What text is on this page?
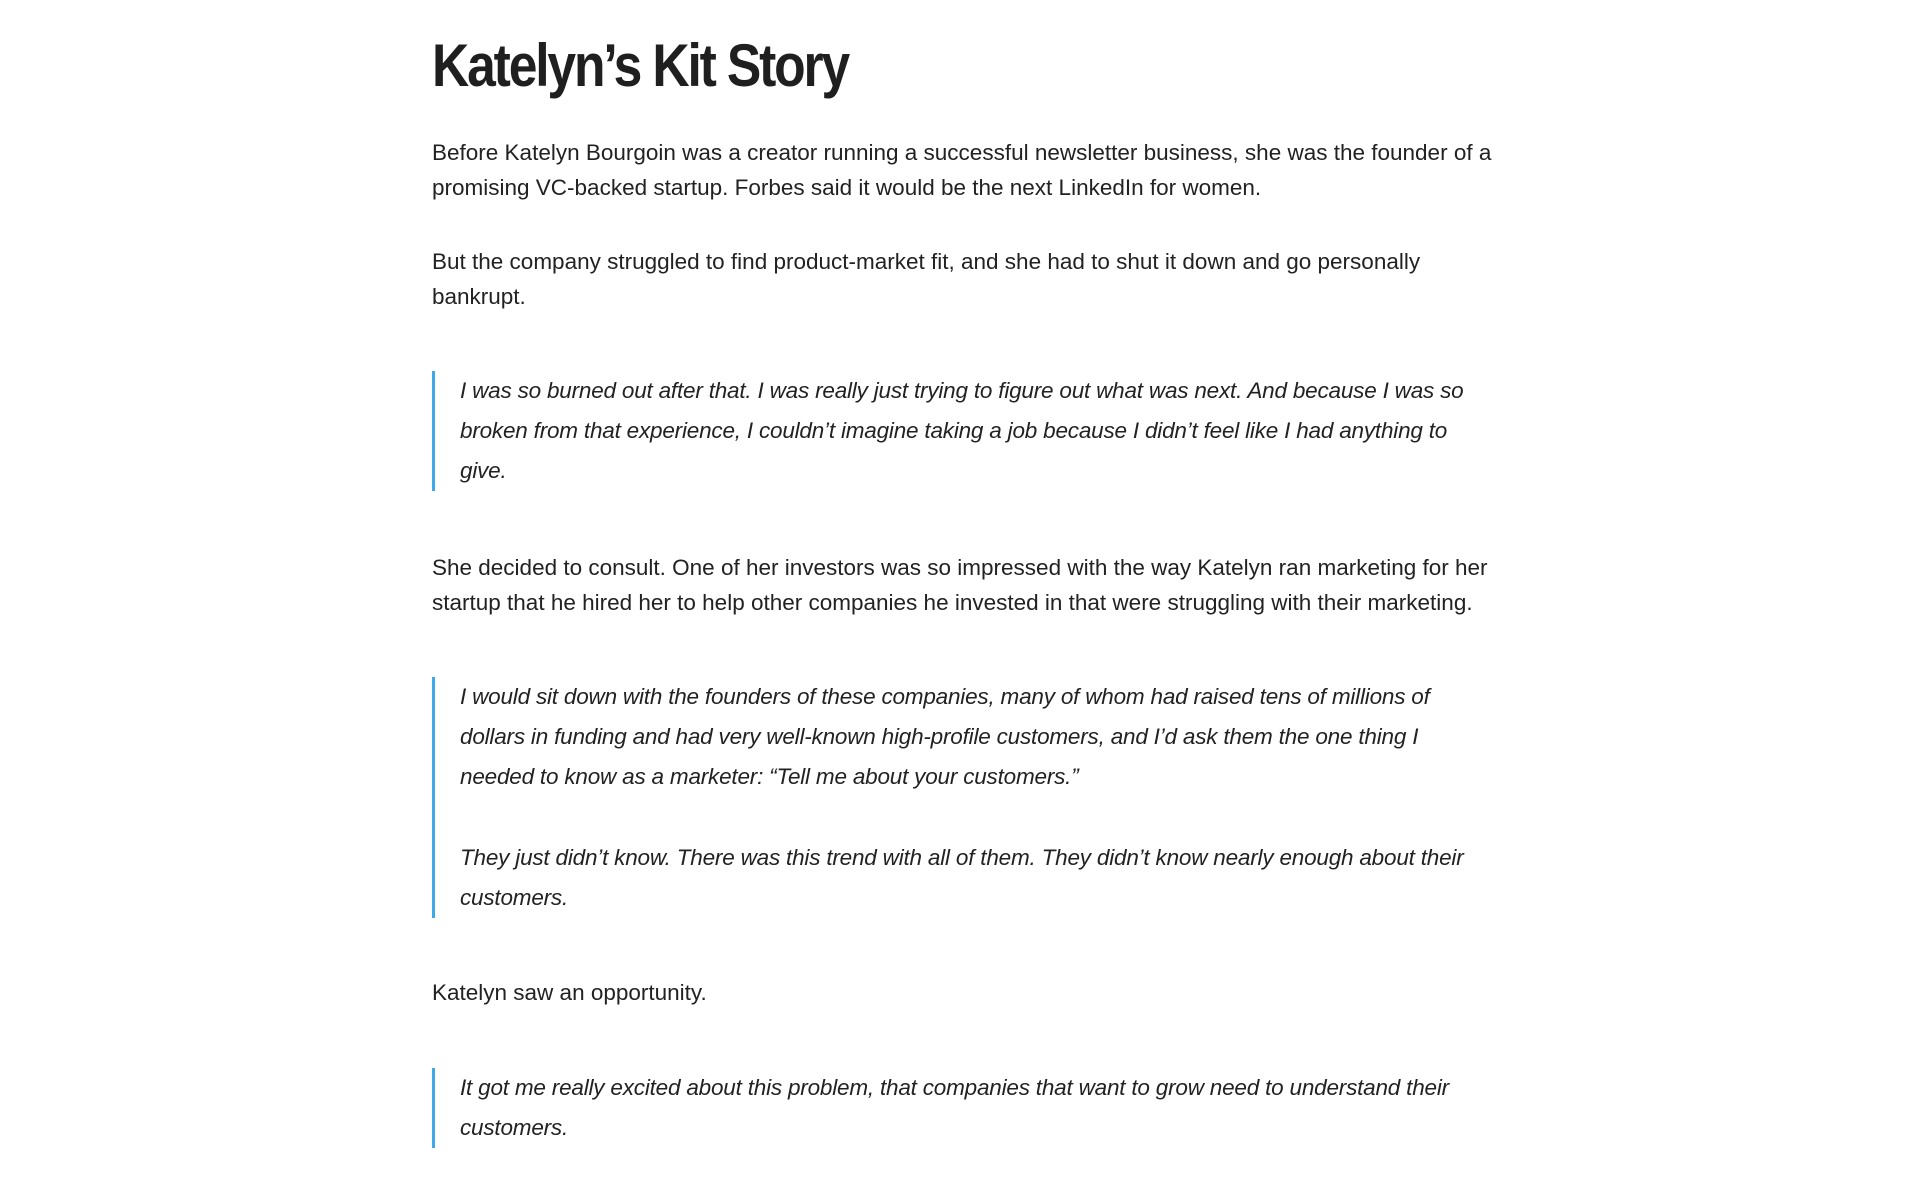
Katelyn’s Kit Story

Before Katelyn Bourgoin was a creator running a successful newsletter business, she was the founder of a promising VC-backed startup. Forbes said it would be the next LinkedIn for women.

But the company struggled to find product-market fit, and she had to shut it down and go personally bankrupt.

I was so burned out after that. I was really just trying to figure out what was next. And because I was so broken from that experience, I couldn’t imagine taking a job because I didn’t feel like I had anything to give.

She decided to consult. One of her investors was so impressed with the way Katelyn ran marketing for her startup that he hired her to help other companies he invested in that were struggling with their marketing.

I would sit down with the founders of these companies, many of whom had raised tens of millions of dollars in funding and had very well-known high-profile customers, and I’d ask them the one thing I needed to know as a marketer: “Tell me about your customers.”

They just didn’t know. There was this trend with all of them. They didn’t know nearly enough about their customers.

Katelyn saw an opportunity.

It got me really excited about this problem, that companies that want to grow need to understand their customers.
